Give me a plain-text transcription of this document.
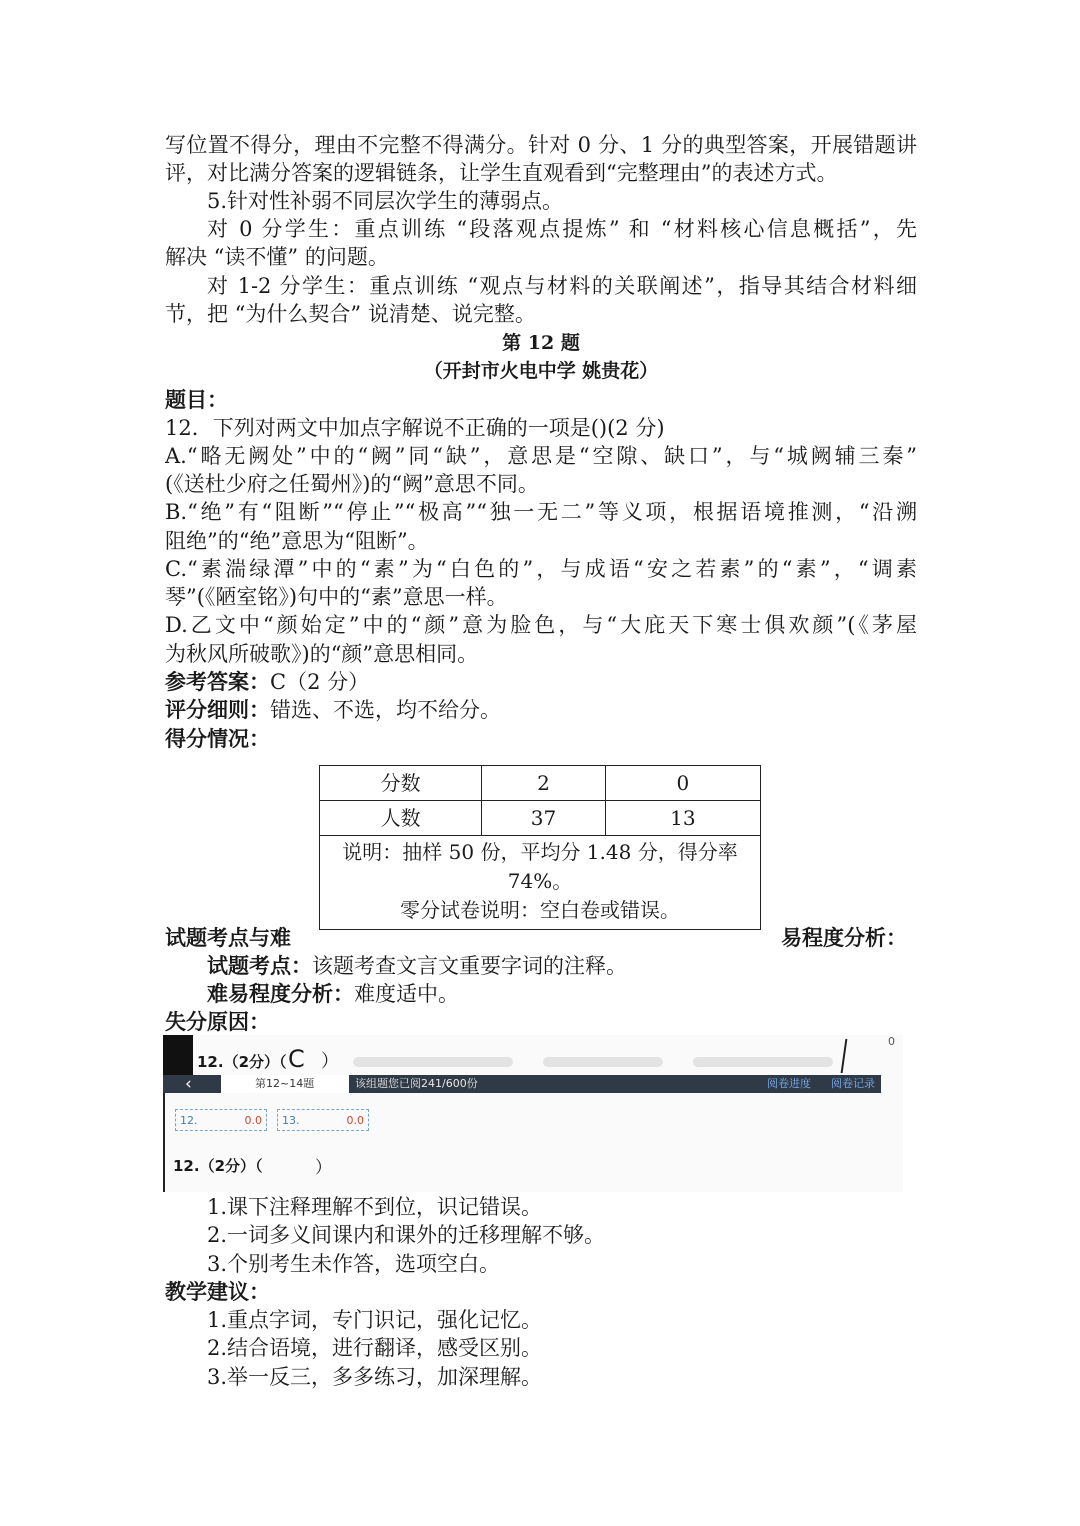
写位置不得分，理由不完整不得满分。针对 0 分、1 分的典型答案，开展错题讲
评，对比满分答案的逻辑链条，让学生直观看到“完整理由”的表述方式。
5.针对性补弱不同层次学生的薄弱点。
对 0 分学生：重点训练 “段落观点提炼” 和 “材料核心信息概括”，先
解决 “读不懂” 的问题。
对 1-2 分学生：重点训练 “观点与材料的关联阐述”，指导其结合材料细
节，把 “为什么契合” 说清楚、说完整。
第 12 题
（开封市火电中学 姚贵花）
题目：
12．下列对两文中加点字解说不正确的一项是()(2 分)
A.“略无阙处”中的“阙”同“缺”，意思是“空隙、缺口”，与“城阙辅三秦”
(《送杜少府之任蜀州》)的“阙”意思不同。
B.“绝”有“阻断”“停止”“极高”“独一无二”等义项，根据语境推测，“沿溯
阻绝”的“绝”意思为“阻断”。
C.“素湍绿潭”中的“素”为“白色的”，与成语“安之若素”的“素”，“调素
琴”(《陋室铭》)句中的“素”意思一样。
D.乙文中“颜始定”中的“颜”意为脸色，与“大庇天下寒士俱欢颜”(《茅屋
为秋风所破歌》)的“颜”意思相同。
参考答案：C（2 分）
评分细则：错选、不选，均不给分。
得分情况：
分数	2	0
人数	37	13

说明：抽样 50 份，平均分 1.48 分，得分率
74%。
零分试卷说明：空白卷或错误。		
试题考点与难	易程度分析：
试题考点：该题考查文言文重要字词的注释。
难易程度分析：难度适中。
失分原因：
12.（2分）（ C ）
0
‹	第12~14题	该组题您已阅241/600份	阅卷进度 阅卷记录
12.	0.0	13.	0.0
12.（2分）（	）
1.课下注释理解不到位，识记错误。
2.一词多义间课内和课外的迁移理解不够。
3.个别考生未作答，选项空白。
教学建议：
1.重点字词，专门识记，强化记忆。
2.结合语境，进行翻译，感受区别。
3.举一反三，多多练习，加深理解。
